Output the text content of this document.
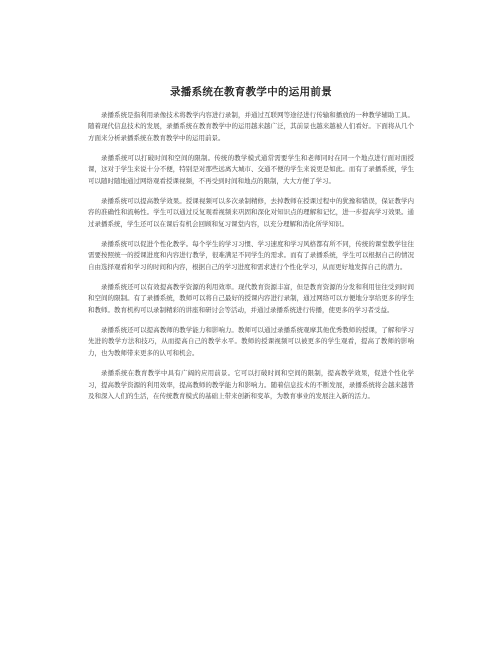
录播系统在教育教学中的运用前景

录播系统是指利用录像技术将教学内容进行录制，并通过互联网等途径进行传输和播放的一种教学辅助工具。随着现代信息技术的发展，录播系统在教育教学中的运用越来越广泛，其前景也越来越被人们看好。下面将从几个方面来分析录播系统在教育教学中的运用前景。

录播系统可以打破时间和空间的限制。传统的教学模式通常需要学生和老师同时在同一个地点进行面对面授课，这对于学生来说十分不便，特别是对那些远离大城市、交通不便的学生来说更是如此。而有了录播系统，学生可以随时随地通过网络观看授课视频，不再受到时间和地点的限制，大大方便了学习。

录播系统可以提高教学效果。授课视频可以多次录制精修，去掉教师在授课过程中的犹豫和错误，保证教学内容的准确性和流畅性。学生可以通过反复观看视频来巩固和深化对知识点的理解和记忆，进一步提高学习效果。通过录播系统，学生还可以在课后有机会回顾和复习课堂内容，以充分理解和消化所学知识。

录播系统可以促进个性化教学。每个学生的学习习惯、学习速度和学习风格都有所不同，传统的课堂教学往往需要按照统一的授课进度和内容进行教学，很难满足不同学生的需求。而有了录播系统，学生可以根据自己的情况自由选择观看和学习的时间和内容，根据自己的学习进度和需求进行个性化学习，从而更好地发挥自己的潜力。

录播系统还可以有效提高教学资源的利用效率。现代教育资源丰富，但是教育资源的分发和利用往往受到时间和空间的限制。有了录播系统，教师可以将自己最好的授课内容进行录制，通过网络可以方便地分享给更多的学生和教师。教育机构可以录制精彩的讲座和研讨会等活动，并通过录播系统进行传播，使更多的学习者受益。

录播系统还可以提高教师的教学能力和影响力。教师可以通过录播系统观摩其他优秀教师的授课，了解和学习先进的教学方法和技巧，从而提高自己的教学水平。教师的授课视频可以被更多的学生观看，提高了教师的影响力，也为教师带来更多的认可和机会。

录播系统在教育教学中具有广阔的应用前景。它可以打破时间和空间的限制，提高教学效果，促进个性化学习，提高教学资源的利用效率，提高教师的教学能力和影响力。随着信息技术的不断发展，录播系统将会越来越普及和深入人们的生活，在传统教育模式的基础上带来创新和变革，为教育事业的发展注入新的活力。
